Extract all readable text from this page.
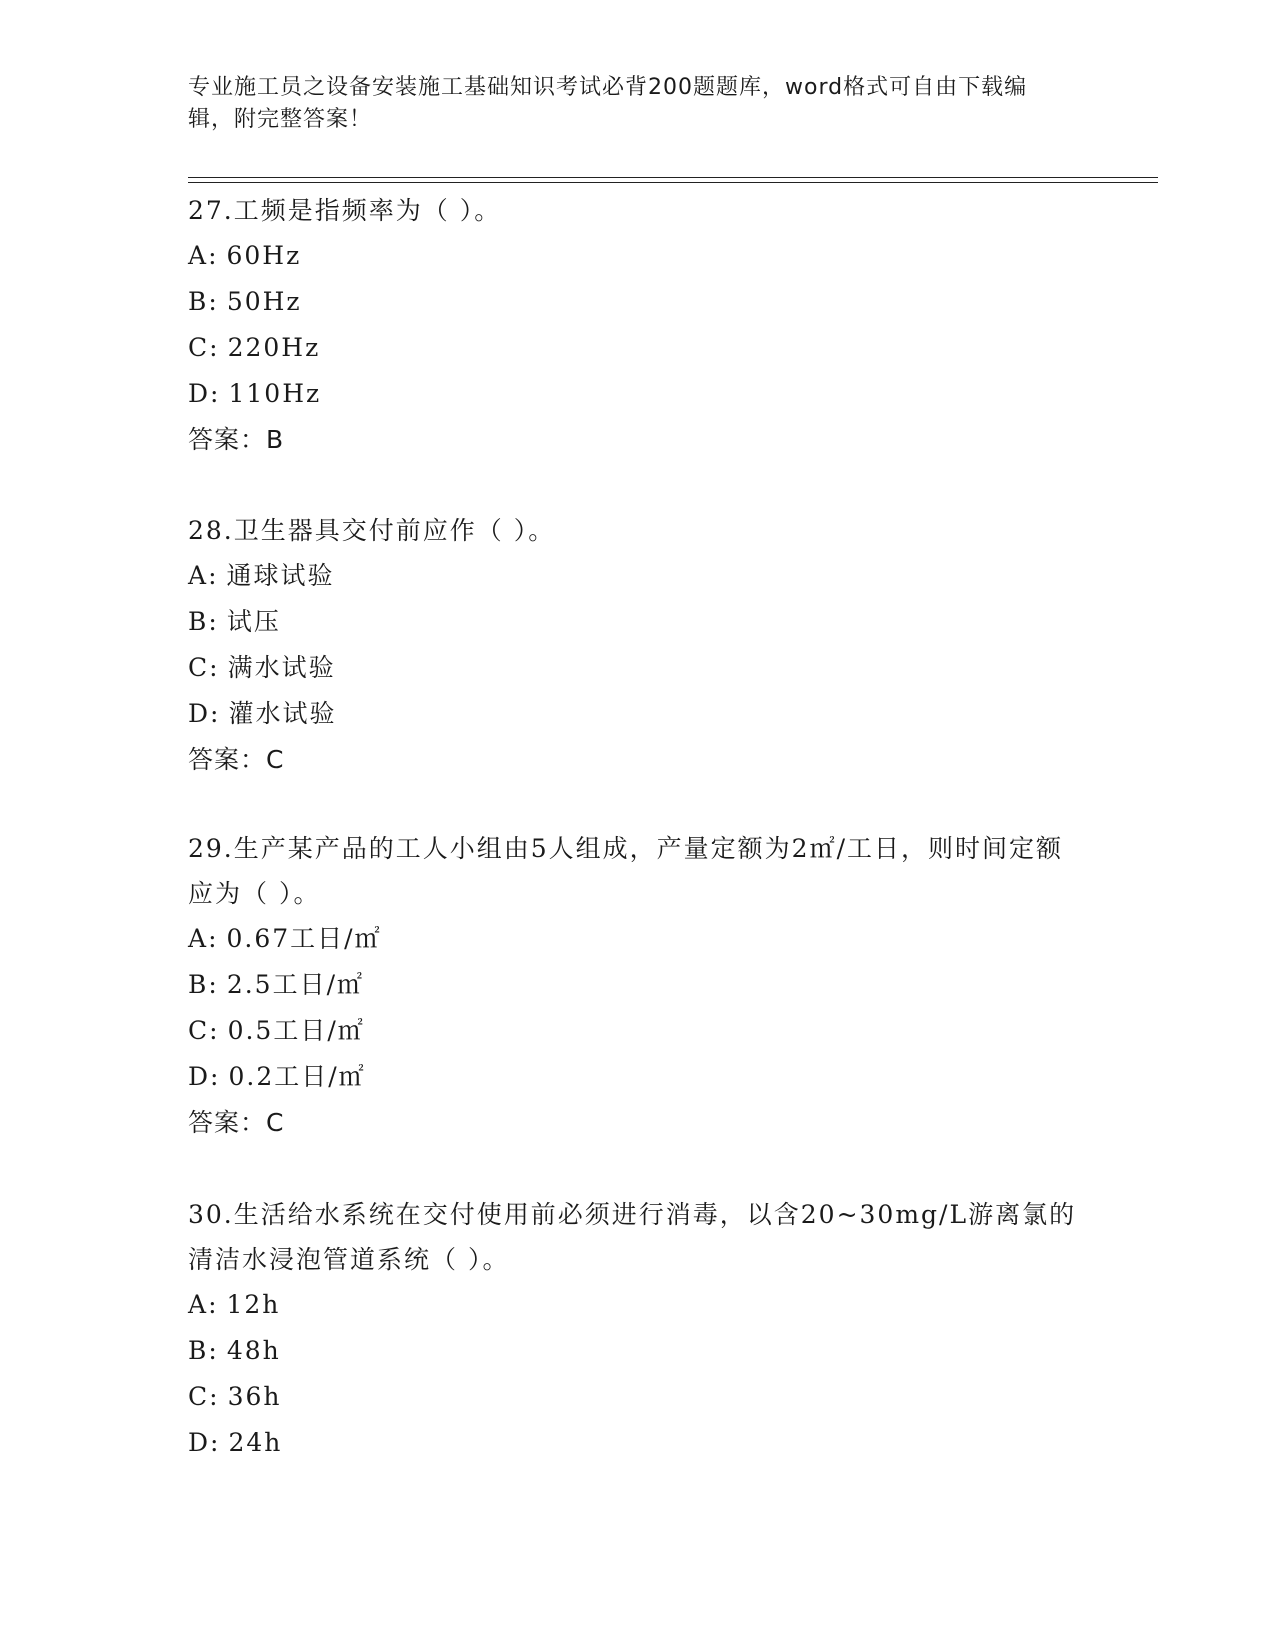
专业施工员之设备安装施工基础知识考试必背200题题库，word格式可自由下载编辑，附完整答案！

27.工频是指频率为（ ）。

A: 60Hz

B: 50Hz

C: 220Hz

D: 110Hz

答案：B

28.卫生器具交付前应作（ ）。

A: 通球试验

B: 试压

C: 满水试验

D: 灌水试验

答案：C

29.生产某产品的工人小组由5人组成，产量定额为2㎡/工日，则时间定额应为（ ）。

A: 0.67工日/㎡

B: 2.5工日/㎡

C: 0.5工日/㎡

D: 0.2工日/㎡

答案：C

30.生活给水系统在交付使用前必须进行消毒，以含20~30mg/L游离氯的清洁水浸泡管道系统（ ）。

A: 12h

B: 48h

C: 36h

D: 24h
